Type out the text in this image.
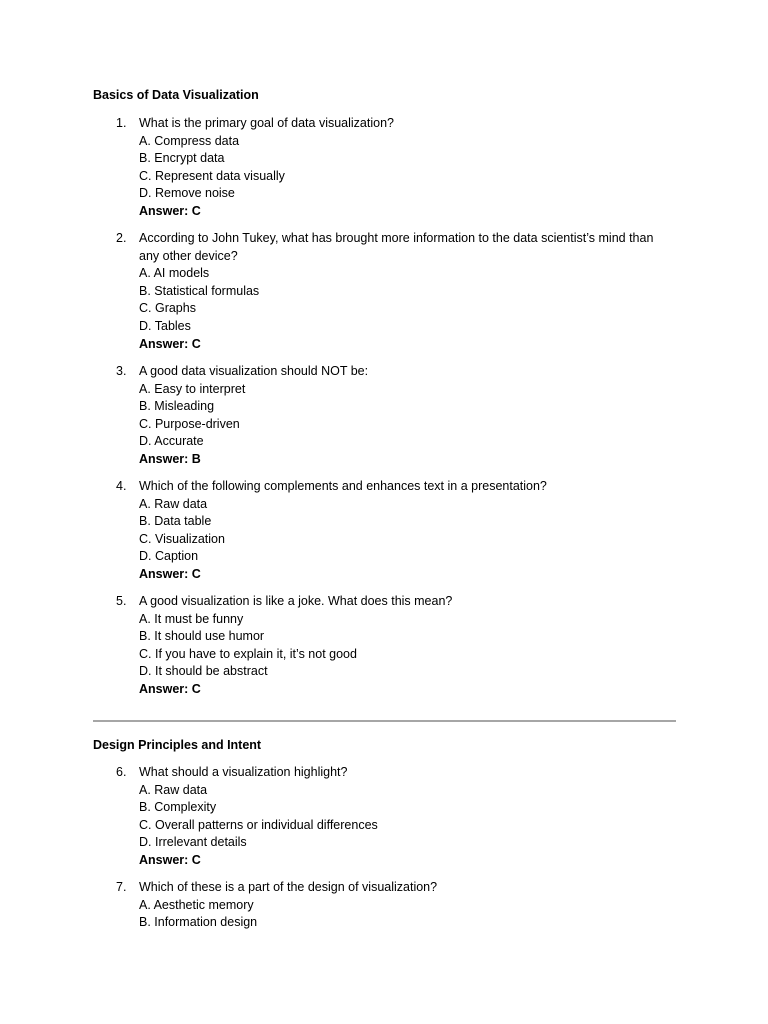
Basics of Data Visualization
1.	What is the primary goal of data visualization?
A. Compress data
B. Encrypt data
C. Represent data visually
D. Remove noise
Answer: C
2.	According to John Tukey, what has brought more information to the data scientist’s mind than any other device?
A. AI models
B. Statistical formulas
C. Graphs
D. Tables
Answer: C
3.	A good data visualization should NOT be:
A. Easy to interpret
B. Misleading
C. Purpose-driven
D. Accurate
Answer: B
4.	Which of the following complements and enhances text in a presentation?
A. Raw data
B. Data table
C. Visualization
D. Caption
Answer: C
5.	A good visualization is like a joke. What does this mean?
A. It must be funny
B. It should use humor
C. If you have to explain it, it’s not good
D. It should be abstract
Answer: C
Design Principles and Intent
6.	What should a visualization highlight?
A. Raw data
B. Complexity
C. Overall patterns or individual differences
D. Irrelevant details
Answer: C
7.	Which of these is a part of the design of visualization?
A. Aesthetic memory
B. Information design
